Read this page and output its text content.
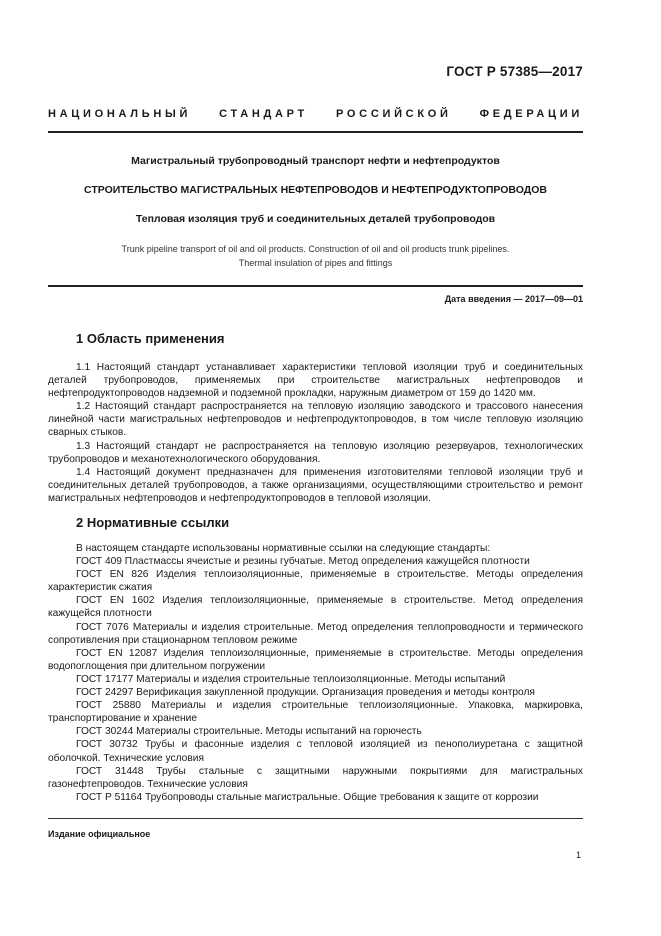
ГОСТ Р 57385—2017
НАЦИОНАЛЬНЫЙ СТАНДАРТ РОССИЙСКОЙ ФЕДЕРАЦИИ
Магистральный трубопроводный транспорт нефти и нефтепродуктов
СТРОИТЕЛЬСТВО МАГИСТРАЛЬНЫХ НЕФТЕПРОВОДОВ И НЕФТЕПРОДУКТОПРОВОДОВ
Тепловая изоляция труб и соединительных деталей трубопроводов
Trunk pipeline transport of oil and oil products. Construction of oil and oil products trunk pipelines.
Thermal insulation of pipes and fittings
Дата введения — 2017—09—01
1 Область применения

1.1 Настоящий стандарт устанавливает характеристики тепловой изоляции труб и соединительных деталей трубопроводов, применяемых при строительстве магистральных нефтепроводов и нефтепродуктопроводов надземной и подземной прокладки, наружным диаметром от 159 до 1420 мм.

1.2 Настоящий стандарт распространяется на тепловую изоляцию заводского и трассового нанесения линейной части магистральных нефтепроводов и нефтепродуктопроводов, в том числе тепловую изоляцию сварных стыков.

1.3 Настоящий стандарт не распространяется на тепловую изоляцию резервуаров, технологических трубопроводов и механотехнологического оборудования.

1.4 Настоящий документ предназначен для применения изготовителями тепловой изоляции труб и соединительных деталей трубопроводов, а также организациями, осуществляющими строительство и ремонт магистральных нефтепроводов и нефтепродуктопроводов в тепловой изоляции.

2 Нормативные ссылки

В настоящем стандарте использованы нормативные ссылки на следующие стандарты:

ГОСТ 409 Пластмассы ячеистые и резины губчатые. Метод определения кажущейся плотности

ГОСТ EN 826 Изделия теплоизоляционные, применяемые в строительстве. Методы определения характеристик сжатия

ГОСТ EN 1602 Изделия теплоизоляционные, применяемые в строительстве. Метод определения кажущейся плотности

ГОСТ 7076 Материалы и изделия строительные. Метод определения теплопроводности и термического сопротивления при стационарном тепловом режиме

ГОСТ EN 12087 Изделия теплоизоляционные, применяемые в строительстве. Методы определения водопоглощения при длительном погружении

ГОСТ 17177 Материалы и изделия строительные теплоизоляционные. Методы испытаний

ГОСТ 24297 Верификация закупленной продукции. Организация проведения и методы контроля

ГОСТ 25880 Материалы и изделия строительные теплоизоляционные. Упаковка, маркировка, транспортирование и хранение

ГОСТ 30244 Материалы строительные. Методы испытаний на горючесть

ГОСТ 30732 Трубы и фасонные изделия с тепловой изоляцией из пенополиуретана с защитной оболочкой. Технические условия

ГОСТ 31448 Трубы стальные с защитными наружными покрытиями для магистральных газонефтепроводов. Технические условия

ГОСТ Р 51164 Трубопроводы стальные магистральные. Общие требования к защите от коррозии

Издание официальное
1
